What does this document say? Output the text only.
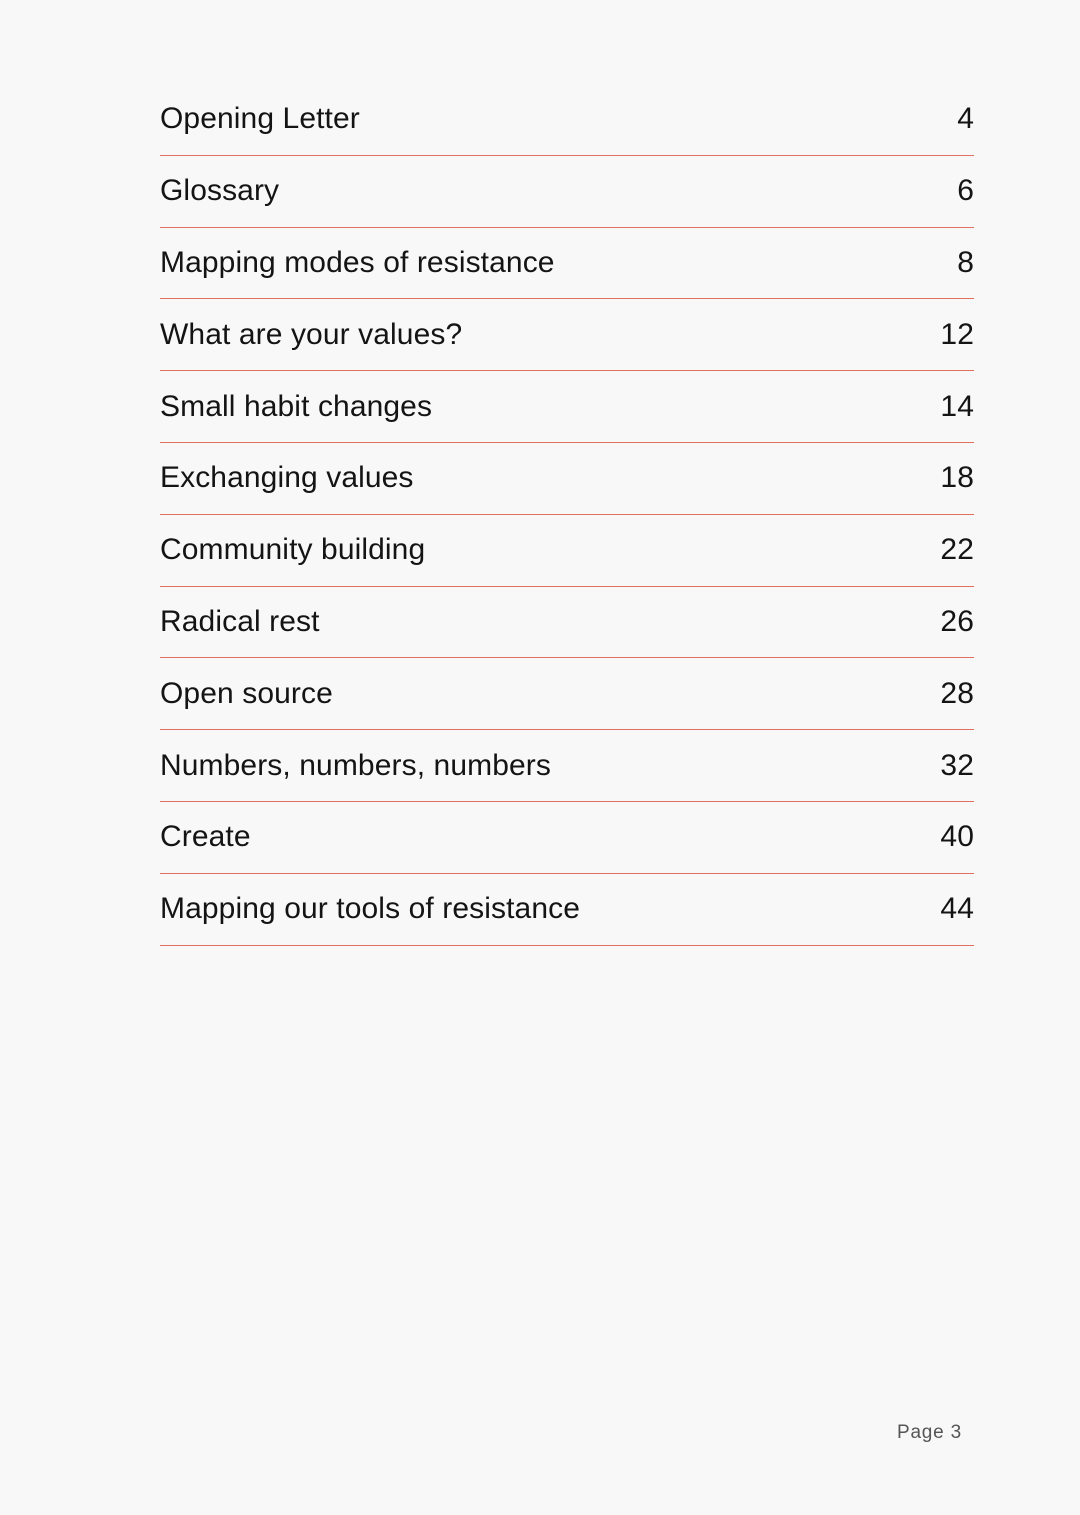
Opening Letter	4
Glossary	6
Mapping modes of resistance	8
What are your values?	12
Small habit changes	14
Exchanging values	18
Community building	22
Radical rest	26
Open source	28
Numbers, numbers, numbers	32
Create	40
Mapping our tools of resistance	44
Page 3
